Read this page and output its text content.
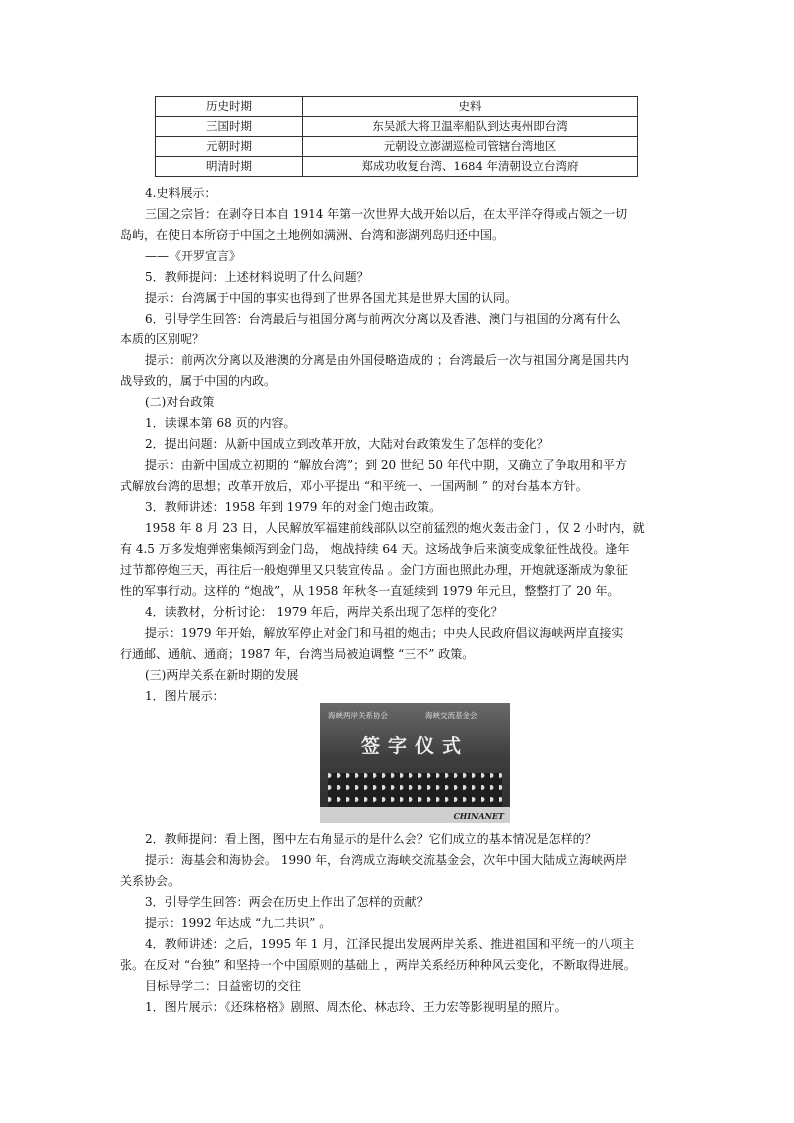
历史时期	史料
三国时期	东吴派大将卫温率船队到达夷州即台湾
元朝时期	元朝设立澎湖巡检司管辖台湾地区
明清时期	郑成功收复台湾、1684 年清朝设立台湾府
4.史料展示：
三国之宗旨：在剥夺日本自 1914 年第一次世界大战开始以后，在太平洋夺得或占领之一切
岛屿，在使日本所窃于中国之土地例如满洲、台湾和澎湖列岛归还中国。
——《开罗宣言》
5．教师提问：上述材料说明了什么问题？
提示：台湾属于中国的事实也得到了世界各国尤其是世界大国的认同。
6．引导学生回答：台湾最后与祖国分离与前两次分离以及香港、澳门与祖国的分离有什么
本质的区别呢？
提示：前两次分离以及港澳的分离是由外国侵略造成的 ；台湾最后一次与祖国分离是国共内
战导致的，属于中国的内政。
(二)对台政策
1．读课本第 68 页的内容。
2．提出问题：从新中国成立到改革开放，大陆对台政策发生了怎样的变化？
提示：由新中国成立初期的 “解放台湾”；到 20 世纪 50 年代中期，又确立了争取用和平方
式解放台湾的思想；改革开放后，邓小平提出 “和平统一、一国两制 ” 的对台基本方针。
3．教师讲述：1958 年到 1979 年的对金门炮击政策。
1958 年 8 月 23 日，人民解放军福建前线部队以空前猛烈的炮火轰击金门 ，仅 2 小时内，就
有 4.5 万多发炮弹密集倾泻到金门岛， 炮战持续 64 天。这场战争后来演变成象征性战役。逢年
过节都停炮三天，再往后一般炮弹里又只装宣传品 。金门方面也照此办理，开炮就逐渐成为象征
性的军事行动。这样的 “炮战”，从 1958 年秋冬一直延续到 1979 年元旦，整整打了 20 年。
4．读教材，分析讨论： 1979 年后，两岸关系出现了怎样的变化？
提示：1979 年开始，解放军停止对金门和马祖的炮击；中央人民政府倡议海峡两岸直接实
行通邮、通航、通商；1987 年，台湾当局被迫调整 “三不” 政策。
(三)两岸关系在新时期的发展
1．图片展示：
海峡两岸关系协会	海峡交流基金会
签字仪式
CHINANET
2．教师提问：看上图，图中左右角显示的是什么会？它们成立的基本情况是怎样的？
提示：海基会和海协会。 1990 年，台湾成立海峡交流基金会，次年中国大陆成立海峡两岸
关系协会。
3．引导学生回答：两会在历史上作出了怎样的贡献？
提示：1992 年达成 “九二共识” 。
4．教师讲述：之后，1995 年 1 月，江泽民提出发展两岸关系、推进祖国和平统一的八项主
张。在反对 “台独” 和坚持一个中国原则的基础上 ，两岸关系经历种种风云变化，不断取得进展。
目标导学二：日益密切的交往
1．图片展示：《还珠格格》剧照、周杰伦、林志玲、王力宏等影视明星的照片。
